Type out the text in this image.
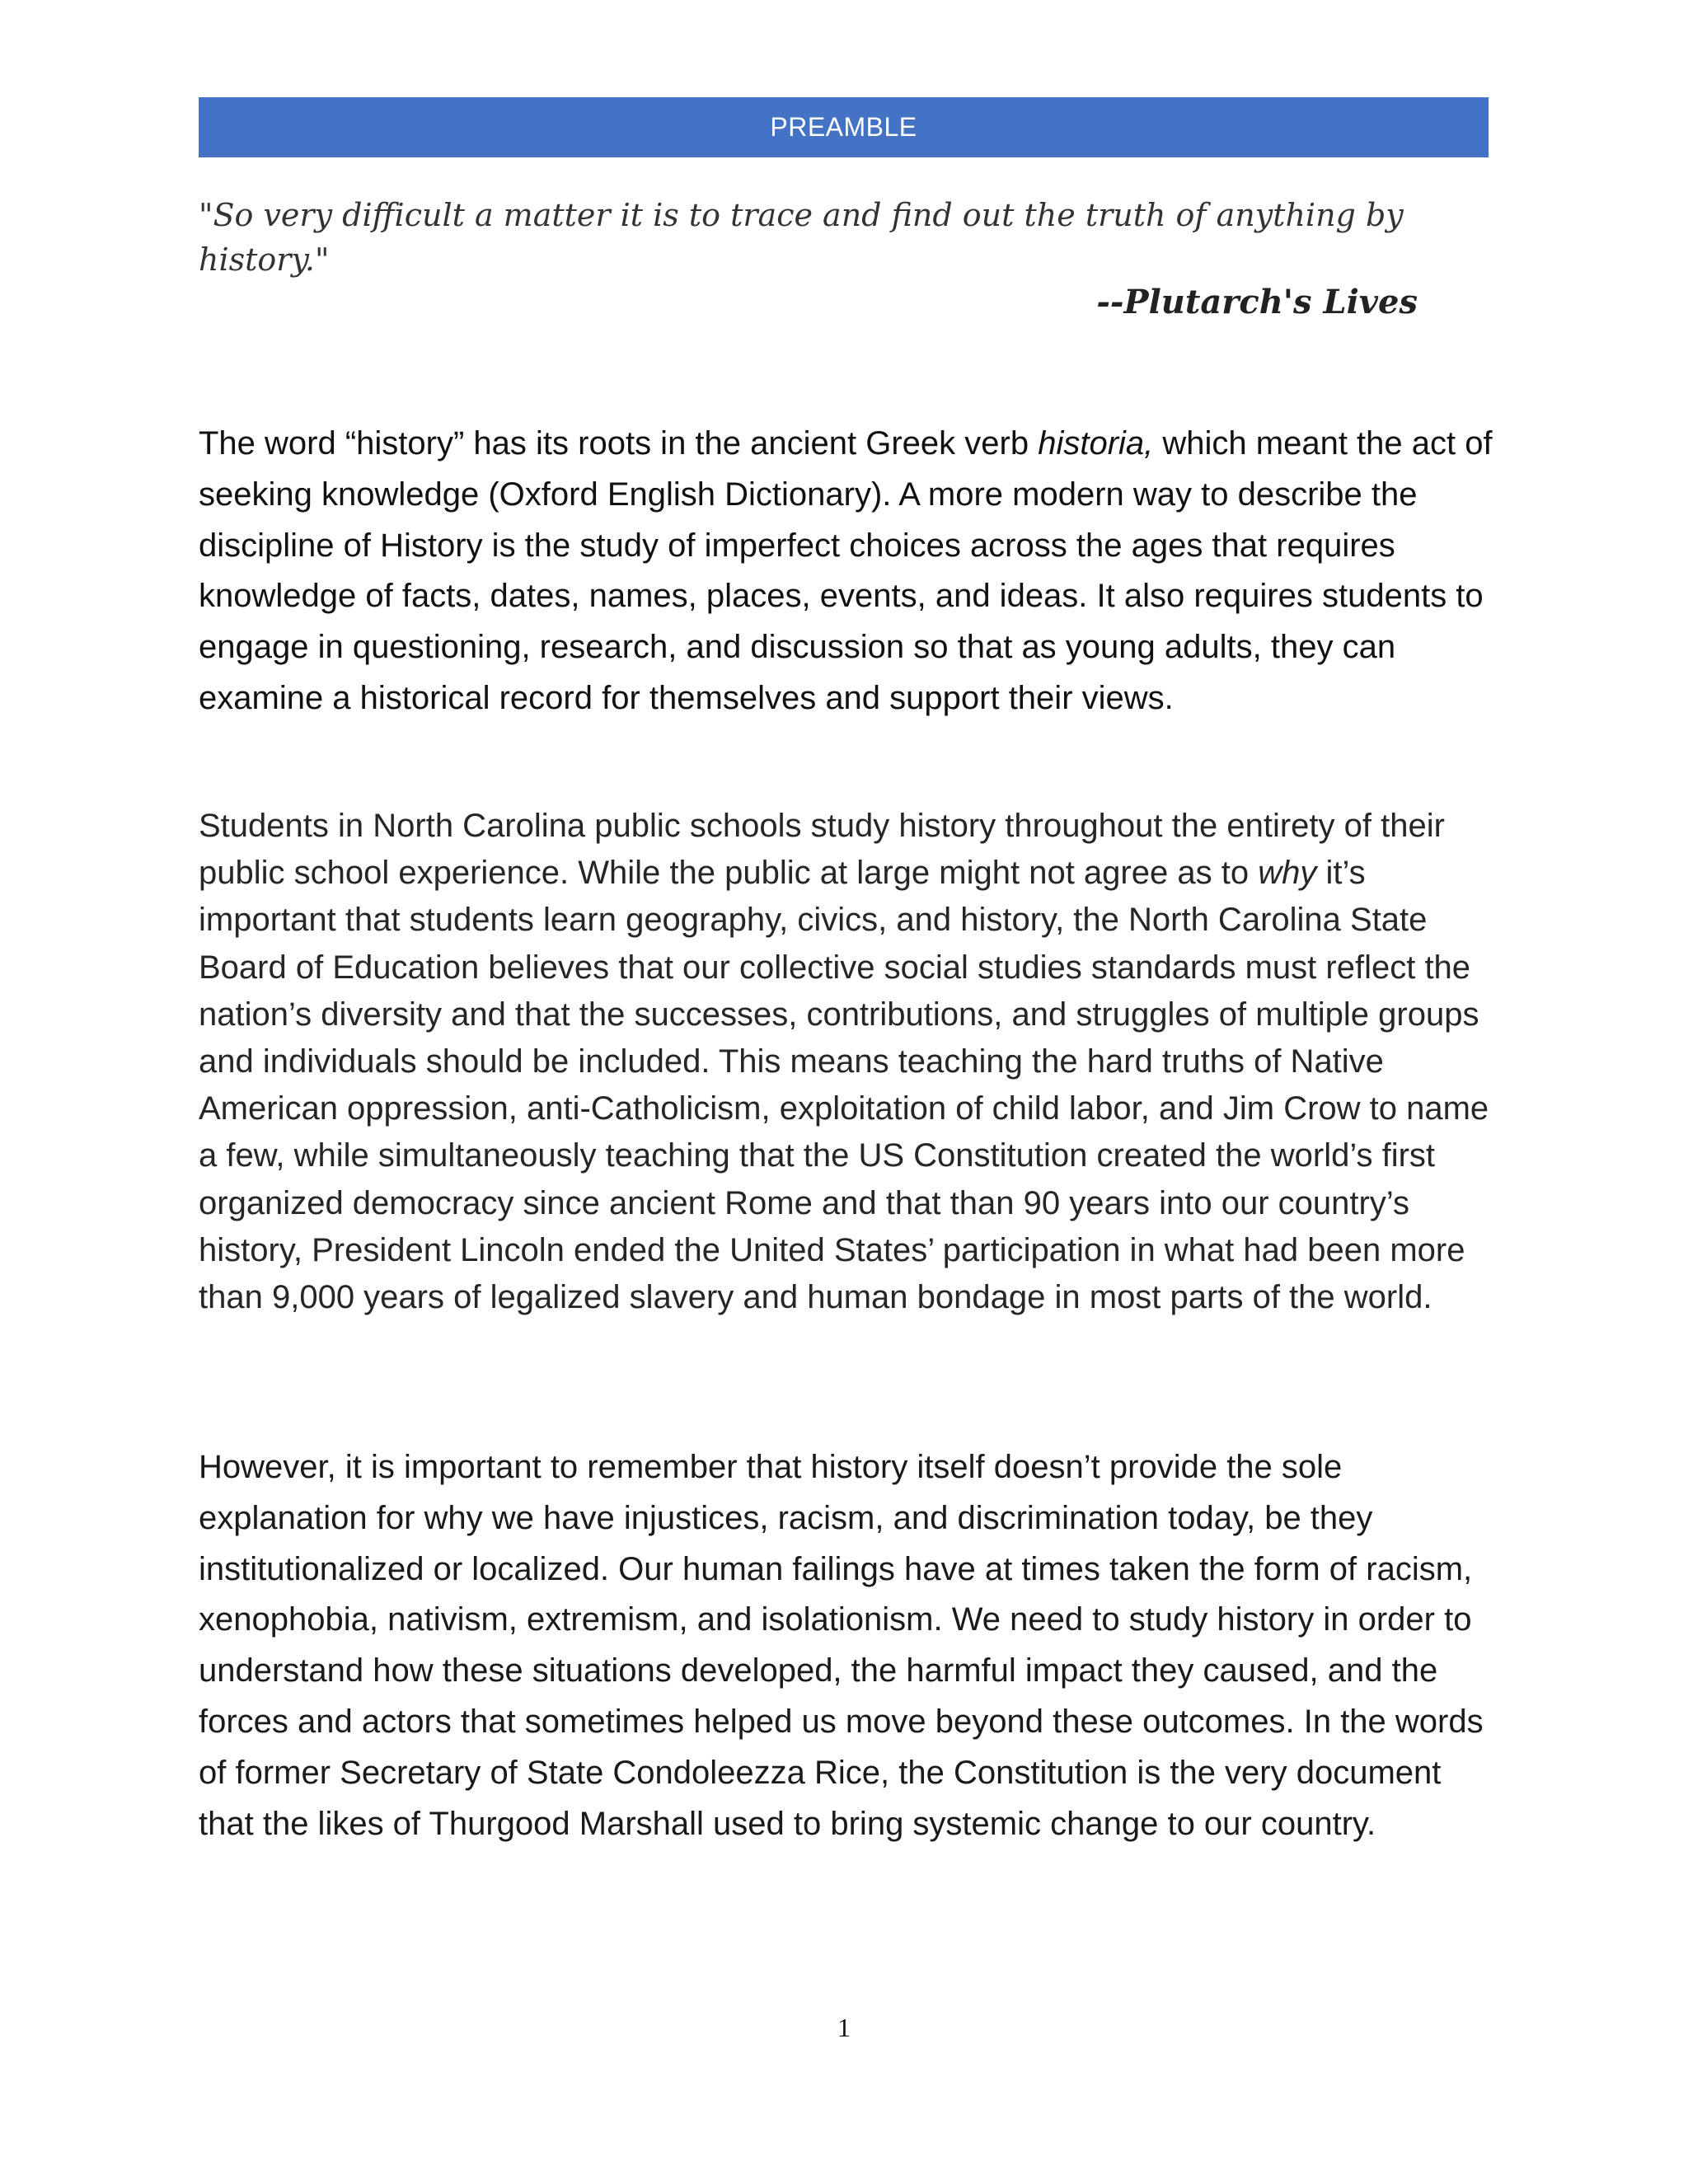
PREAMBLE

"So very difficult a matter it is to trace and find out the truth of anything by history."

--Plutarch's Lives

The word “history” has its roots in the ancient Greek verb historia, which meant the act of seeking knowledge (Oxford English Dictionary). A more modern way to describe the discipline of History is the study of imperfect choices across the ages that requires knowledge of facts, dates, names, places, events, and ideas. It also requires students to engage in questioning, research, and discussion so that as young adults, they can examine a historical record for themselves and support their views.

Students in North Carolina public schools study history throughout the entirety of their public school experience. While the public at large might not agree as to why it’s important that students learn geography, civics, and history, the North Carolina State Board of Education believes that our collective social studies standards must reflect the nation’s diversity and that the successes, contributions, and struggles of multiple groups and individuals should be included. This means teaching the hard truths of Native American oppression, anti-Catholicism, exploitation of child labor, and Jim Crow to name a few, while simultaneously teaching that the US Constitution created the world’s first organized democracy since ancient Rome and that than 90 years into our country’s history, President Lincoln ended the United States’ participation in what had been more than 9,000 years of legalized slavery and human bondage in most parts of the world.

However, it is important to remember that history itself doesn’t provide the sole explanation for why we have injustices, racism, and discrimination today, be they institutionalized or localized. Our human failings have at times taken the form of racism, xenophobia, nativism, extremism, and isolationism. We need to study history in order to understand how these situations developed, the harmful impact they caused, and the forces and actors that sometimes helped us move beyond these outcomes. In the words of former Secretary of State Condoleezza Rice, the Constitution is the very document that the likes of Thurgood Marshall used to bring systemic change to our country.

1
